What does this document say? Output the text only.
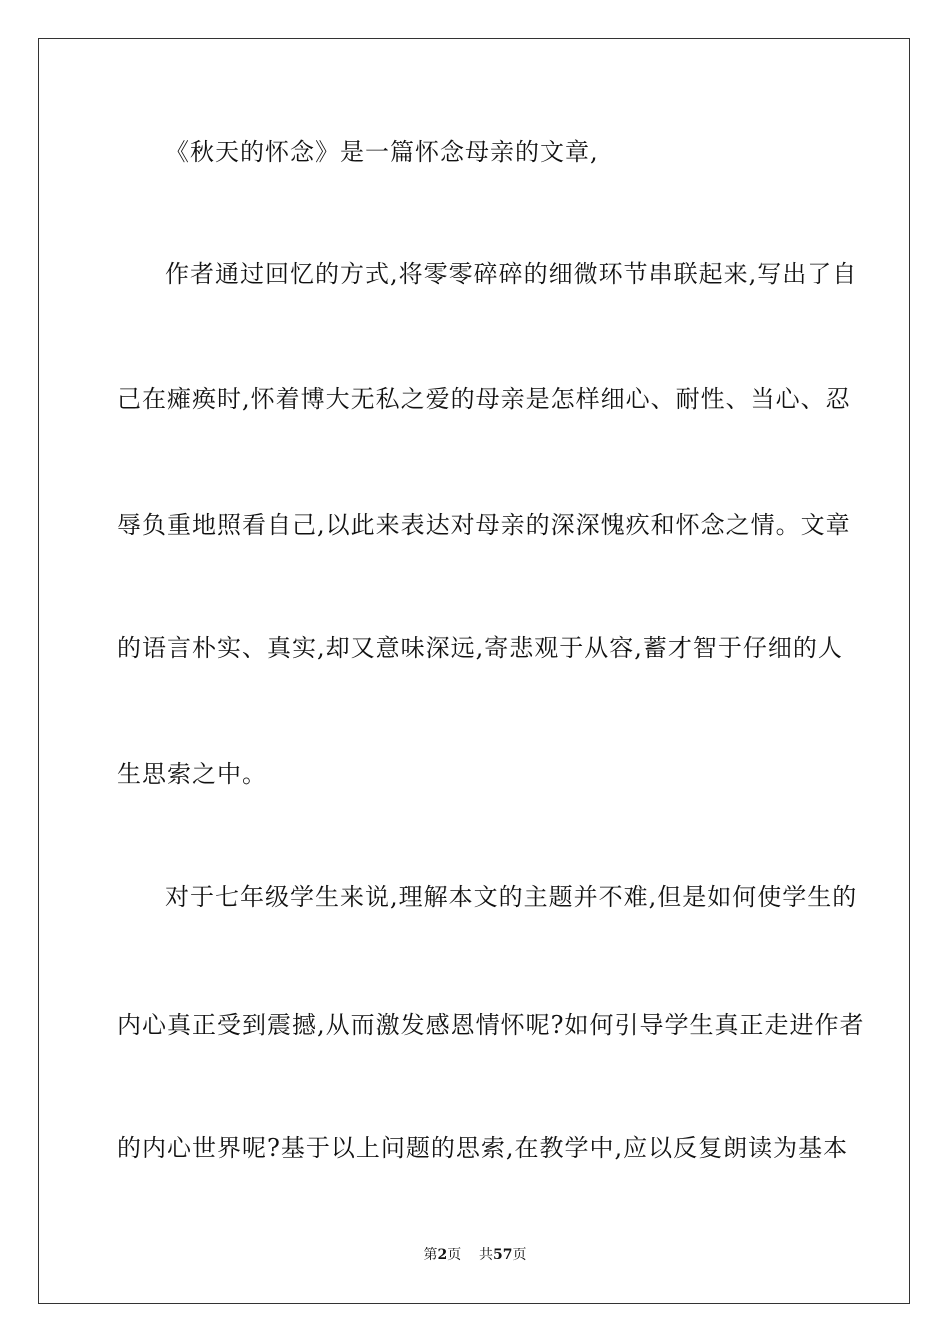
《秋天的怀念》是一篇怀念母亲的文章,
作者通过回忆的方式,将零零碎碎的细微环节串联起来,写出了自
己在瘫痪时,怀着博大无私之爱的母亲是怎样细心、耐性、当心、忍
辱负重地照看自己,以此来表达对母亲的深深愧疚和怀念之情。文章
的语言朴实、真实,却又意味深远,寄悲观于从容,蓄才智于仔细的人
生思索之中。
对于七年级学生来说,理解本文的主题并不难,但是如何使学生的
内心真正受到震撼,从而激发感恩情怀呢?如何引导学生真正走进作者
的内心世界呢?基于以上问题的思索,在教学中,应以反复朗读为基本
第2页 共57页
